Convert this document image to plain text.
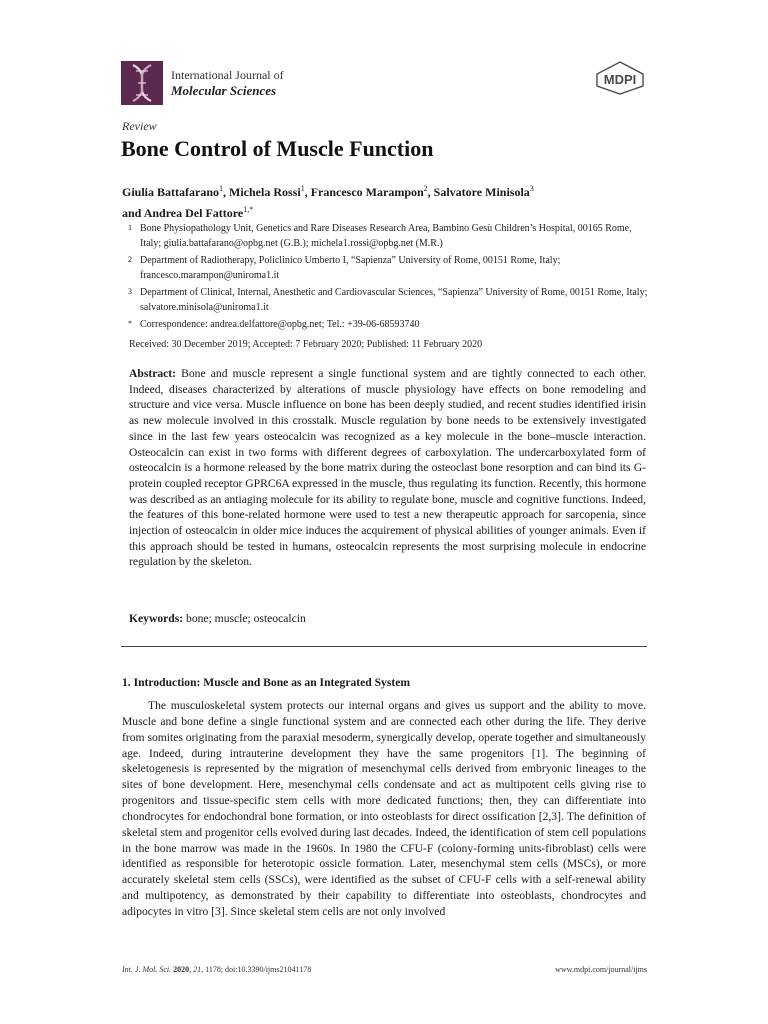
International Journal of
Molecular Sciences
MDPI
Review
Bone Control of Muscle Function
Giulia Battafarano$^1$, Michela Rossi$^1$, Francesco Marampon$^2$, Salvatore Minisola$^3$
and Andrea Del Fattore$^{1,*}$
1 Bone Physiopathology Unit, Genetics and Rare Diseases Research Area, Bambino Gesù Children’s Hospital, 00165 Rome, Italy; giulia.battafarano@opbg.net (G.B.); michela1.rossi@opbg.net (M.R.)
2 Department of Radiotherapy, Policlinico Umberto I, “Sapienza” University of Rome, 00151 Rome, Italy; francesco.marampon@uniroma1.it
3 Department of Clinical, Internal, Anesthetic and Cardiovascular Sciences, “Sapienza” University of Rome, 00151 Rome, Italy; salvatore.minisola@uniroma1.it
* Correspondence: andrea.delfattore@opbg.net; Tel.: +39-06-68593740
Received: 30 December 2019; Accepted: 7 February 2020; Published: 11 February 2020
Abstract: Bone and muscle represent a single functional system and are tightly connected to each other. Indeed, diseases characterized by alterations of muscle physiology have effects on bone remodeling and structure and vice versa. Muscle influence on bone has been deeply studied, and recent studies identified irisin as new molecule involved in this crosstalk. Muscle regulation by bone needs to be extensively investigated since in the last few years osteocalcin was recognized as a key molecule in the bone–muscle interaction. Osteocalcin can exist in two forms with different degrees of carboxylation. The undercarboxylated form of osteocalcin is a hormone released by the bone matrix during the osteoclast bone resorption and can bind its G-protein coupled receptor GPRC6A expressed in the muscle, thus regulating its function. Recently, this hormone was described as an antiaging molecule for its ability to regulate bone, muscle and cognitive functions. Indeed, the features of this bone-related hormone were used to test a new therapeutic approach for sarcopenia, since injection of osteocalcin in older mice induces the acquirement of physical abilities of younger animals. Even if this approach should be tested in humans, osteocalcin represents the most surprising molecule in endocrine regulation by the skeleton.
Keywords: bone; muscle; osteocalcin
1. Introduction: Muscle and Bone as an Integrated System
The musculoskeletal system protects our internal organs and gives us support and the ability to move. Muscle and bone define a single functional system and are connected each other during the life. They derive from somites originating from the paraxial mesoderm, synergically develop, operate together and simultaneously age. Indeed, during intrauterine development they have the same progenitors [1]. The beginning of skeletogenesis is represented by the migration of mesenchymal cells derived from embryonic lineages to the sites of bone development. Here, mesenchymal cells condensate and act as multipotent cells giving rise to progenitors and tissue-specific stem cells with more dedicated functions; then, they can differentiate into chondrocytes for endochondral bone formation, or into osteoblasts for direct ossification [2,3]. The definition of skeletal stem and progenitor cells evolved during last decades. Indeed, the identification of stem cell populations in the bone marrow was made in the 1960s. In 1980 the CFU-F (colony-forming units-fibroblast) cells were identified as responsible for heterotopic ossicle formation. Later, mesenchymal stem cells (MSCs), or more accurately skeletal stem cells (SSCs), were identified as the subset of CFU-F cells with a self-renewal ability and multipotency, as demonstrated by their capability to differentiate into osteoblasts, chondrocytes and adipocytes in vitro [3]. Since skeletal stem cells are not only involved
Int. J. Mol. Sci. 2020, 21, 1178; doi:10.3390/ijms21041178	www.mdpi.com/journal/ijms
